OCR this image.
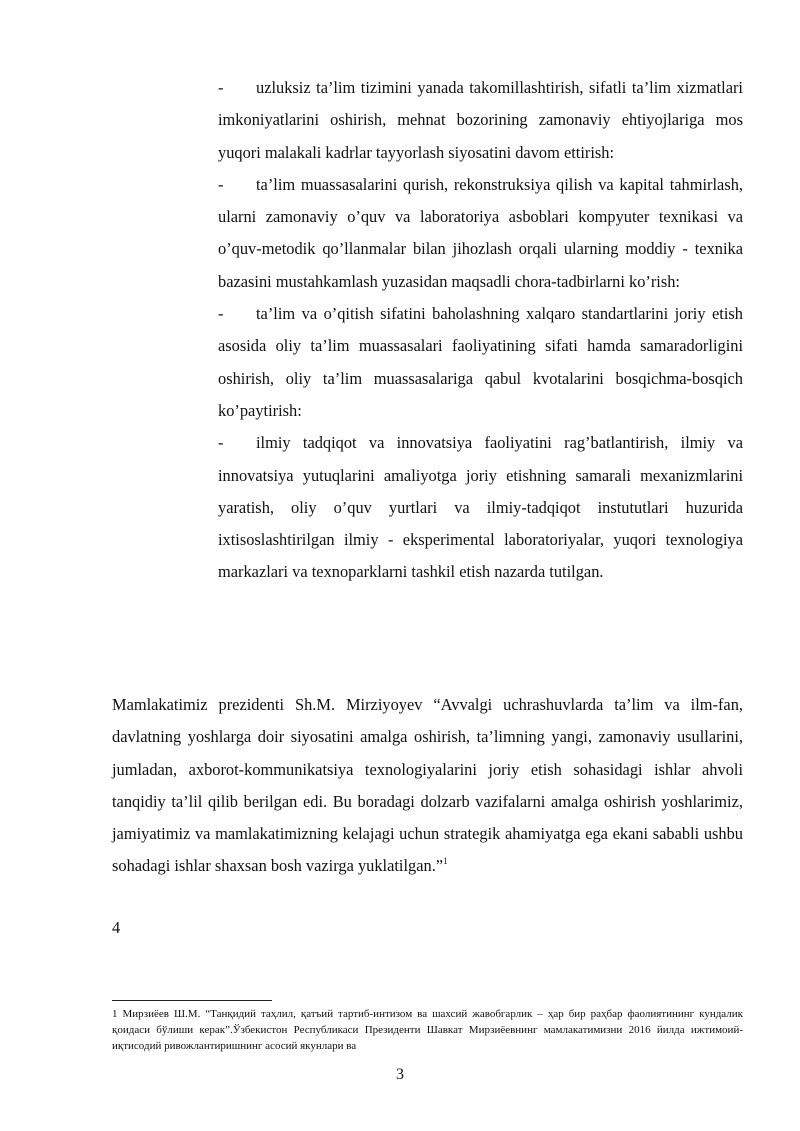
-	uzluksiz ta’lim tizimini yanada takomillashtirish, sifatli ta’lim xizmatlari imkoniyatlarini oshirish, mehnat bozorining zamonaviy ehtiyojlariga mos yuqori malakali kadrlar tayyorlash siyosatini davom ettirish:

-	ta’lim muassasalarini qurish, rekonstruksiya qilish va kapital tahmirlash, ularni zamonaviy o’quv va laboratoriya asboblari kompyuter texnikasi va o’quv-metodik qo’llanmalar bilan jihozlash orqali ularning moddiy - texnika bazasini mustahkamlash yuzasidan maqsadli chora-tadbirlarni ko’rish:

-	ta’lim va o’qitish sifatini baholashning xalqaro standartlarini joriy etish asosida oliy ta’lim muassasalari faoliyatining sifati hamda samaradorligini oshirish, oliy ta’lim muassasalariga qabul kvotalarini bosqichma-bosqich ko’paytirish:

-	ilmiy tadqiqot va innovatsiya faoliyatini rag’batlantirish, ilmiy va innovatsiya yutuqlarini amaliyotga joriy etishning samarali mexanizmlarini yaratish, oliy o’quv yurtlari va ilmiy-tadqiqot instututlari huzurida ixtisoslashtirilgan ilmiy - eksperimental laboratoriyalar, yuqori texnologiya markazlari va texnoparklarni tashkil etish nazarda tutilgan.

Mamlakatimiz prezidenti Sh.M. Mirziyoyev “Avvalgi uchrashuvlarda ta’lim va ilm-fan, davlatning yoshlarga doir siyosatini amalga oshirish, ta’limning yangi, zamonaviy usullarini, jumladan, axborot-kommunikatsiya texnologiyalarini joriy etish sohasidagi ishlar ahvoli tanqidiy ta’lil qilib berilgan edi. Bu boradagi dolzarb vazifalarni amalga oshirish yoshlarimiz, jamiyatimiz va mamlakatimizning kelajagi uchun strategik ahamiyatga ega ekani sababli ushbu sohadagi ishlar shaxsan bosh vazirga yuklatilgan.”$^1$

4

1 Мирзиёев Ш.М. “Танқидий таҳлил, қатъий тартиб-интизом ва шахсий жавобгарлик – ҳар бир раҳбар фаолиятининг кундалик қоидаси бўлиши керак”.Ўзбекистон Республикаси Президенти Шавкат Мирзиёевнинг мамлакатимизни 2016 йилда ижтимоий-иқтисодий ривожлантиришнинг асосий якунлари ва

3
